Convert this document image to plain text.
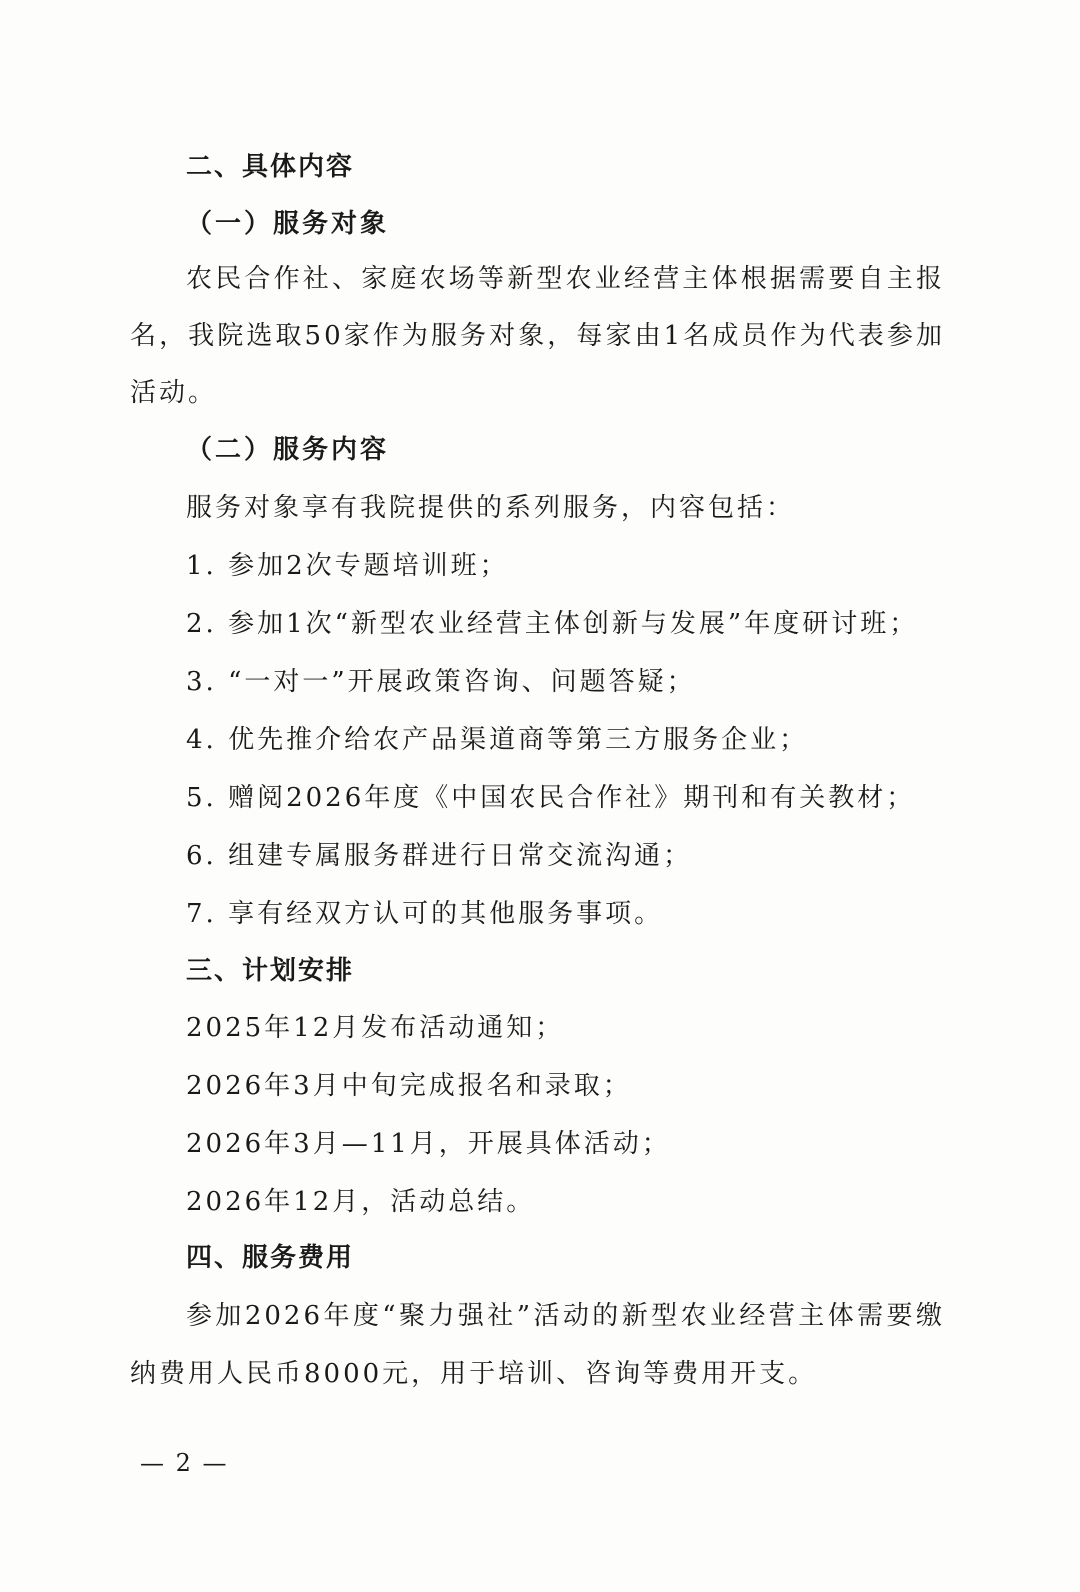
二、具体内容
（一）服务对象
农民合作社、家庭农场等新型农业经营主体根据需要自主报
名，我院选取50家作为服务对象，每家由1名成员作为代表参加
活动。
（二）服务内容
服务对象享有我院提供的系列服务，内容包括：
1. 参加2次专题培训班；
2. 参加1次“新型农业经营主体创新与发展”年度研讨班；
3. “一对一”开展政策咨询、问题答疑；
4. 优先推介给农产品渠道商等第三方服务企业；
5. 赠阅2026年度《中国农民合作社》期刊和有关教材；
6. 组建专属服务群进行日常交流沟通；
7. 享有经双方认可的其他服务事项。
三、计划安排
2025年12月发布活动通知；
2026年3月中旬完成报名和录取；
2026年3月—11月，开展具体活动；
2026年12月，活动总结。
四、服务费用
参加2026年度“聚力强社”活动的新型农业经营主体需要缴
纳费用人民币8000元，用于培训、咨询等费用开支。
— 2 —
